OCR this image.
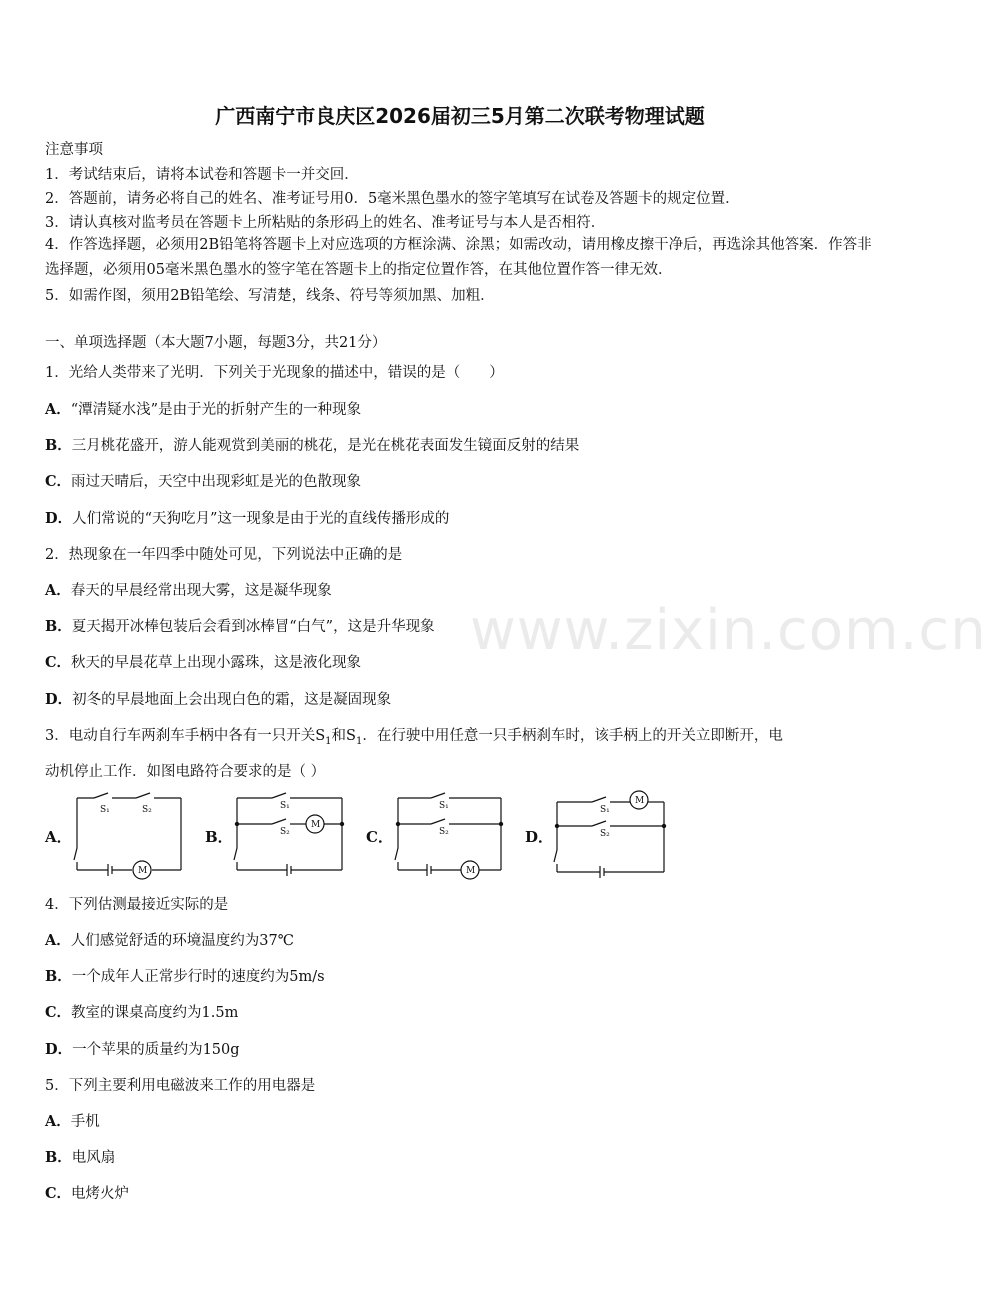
www.zixin.com.cn
广西南宁市良庆区2026届初三5月第二次联考物理试题
注意事项
1．考试结束后，请将本试卷和答题卡一并交回．
2．答题前，请务必将自己的姓名、准考证号用0．5毫米黑色墨水的签字笔填写在试卷及答题卡的规定位置．
3．请认真核对监考员在答题卡上所粘贴的条形码上的姓名、准考证号与本人是否相符．
4．作答选择题，必须用2B铅笔将答题卡上对应选项的方框涂满、涂黑；如需改动，请用橡皮擦干净后，再选涂其他答案．作答非选择题，必须用05毫米黑色墨水的签字笔在答题卡上的指定位置作答，在其他位置作答一律无效．
5．如需作图，须用2B铅笔绘、写清楚，线条、符号等须加黑、加粗．
一、单项选择题（本大题7小题，每题3分，共21分）
1．光给人类带来了光明．下列关于光现象的描述中，错误的是（　　）
A．“潭清疑水浅”是由于光的折射产生的一种现象
B．三月桃花盛开，游人能观赏到美丽的桃花，是光在桃花表面发生镜面反射的结果
C．雨过天晴后，天空中出现彩虹是光的色散现象
D．人们常说的“天狗吃月”这一现象是由于光的直线传播形成的
2．热现象在一年四季中随处可见，下列说法中正确的是
A．春天的早晨经常出现大雾，这是凝华现象
B．夏天揭开冰棒包装后会看到冰棒冒“白气”，这是升华现象
C．秋天的早晨花草上出现小露珠，这是液化现象
D．初冬的早晨地面上会出现白色的霜，这是凝固现象
3．电动自行车两刹车手柄中各有一只开关$S_1$和$S_1$．在行驶中用任意一只手柄刹车时，该手柄上的开关立即断开，电
动机停止工作．如图电路符合要求的是（ ）
A．
S₁	S₂
M
B．
S₁
S₂
M
C．
S₁
S₂
M
D．
S₁
S₂
M
4．下列估测最接近实际的是
A．人们感觉舒适的环境温度约为37℃
B．一个成年人正常步行时的速度约为5m/s
C．教室的课桌高度约为1.5m
D．一个苹果的质量约为150g
5．下列主要利用电磁波来工作的用电器是
A．手机
B．电风扇
C．电烤火炉
